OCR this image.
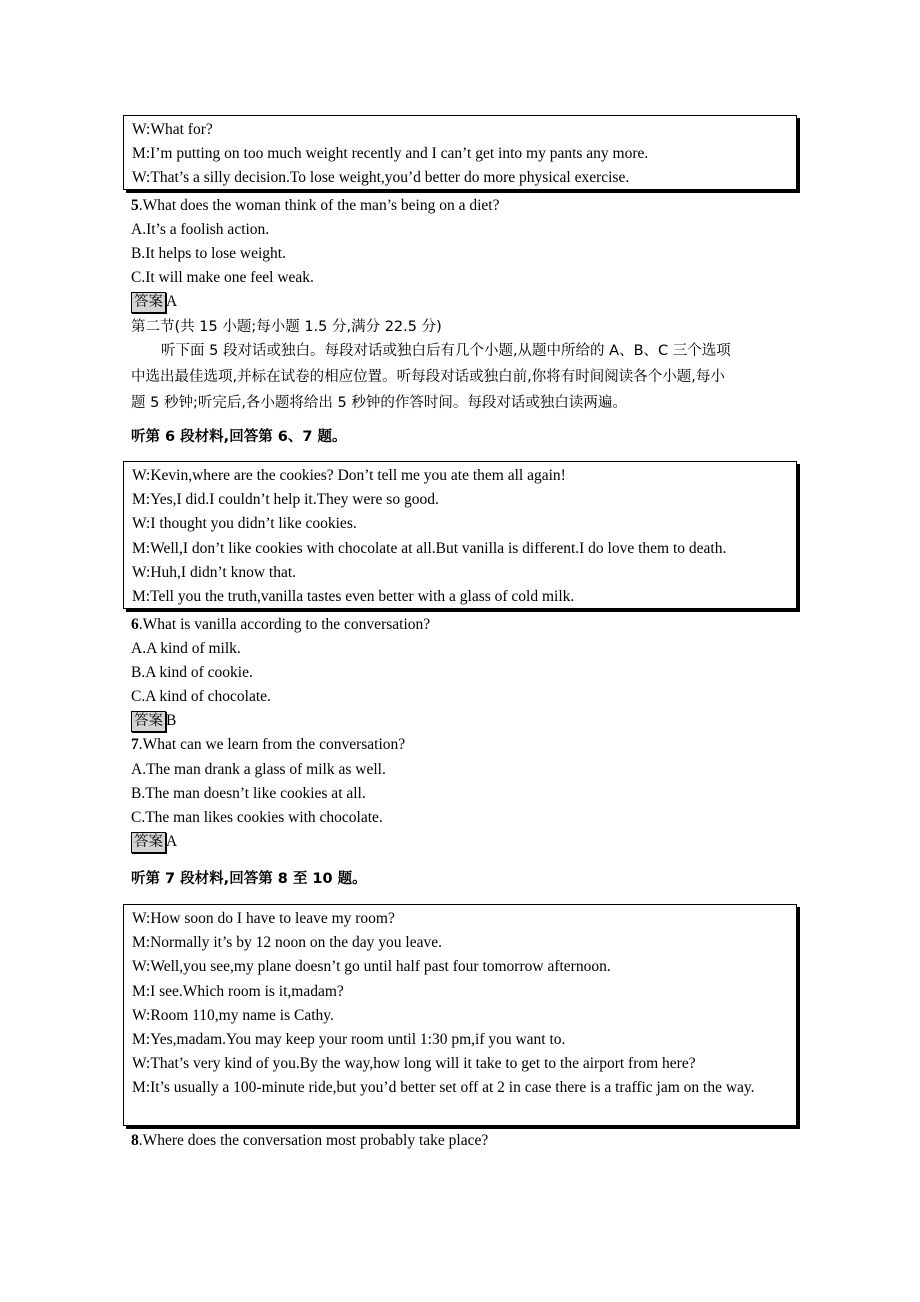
W:What for?
M:I’m putting on too much weight recently and I can’t get into my pants any more.
W:That’s a silly decision.To lose weight,you’d better do more physical exercise.
5.What does the woman think of the man’s being on a diet?
A.It’s a foolish action.
B.It helps to lose weight.
C.It will make one feel weak.
答案 A
第二节(共 15 小题;每小题 1.5 分,满分 22.5 分)
听下面 5 段对话或独白。每段对话或独白后有几个小题,从题中所给的 A、B、C 三个选项
中选出最佳选项,并标在试卷的相应位置。听每段对话或独白前,你将有时间阅读各个小题,每小
题 5 秒钟;听完后,各小题将给出 5 秒钟的作答时间。每段对话或独白读两遍。
听第 6 段材料,回答第 6、7 题。
W:Kevin,where are the cookies? Don’t tell me you ate them all again!
M:Yes,I did.I couldn’t help it.They were so good.
W:I thought you didn’t like cookies.
M:Well,I don’t like cookies with chocolate at all.But vanilla is different.I do love them to death.
W:Huh,I didn’t know that.
M:Tell you the truth,vanilla tastes even better with a glass of cold milk.
6.What is vanilla according to the conversation?
A.A kind of milk.
B.A kind of cookie.
C.A kind of chocolate.
答案 B
7.What can we learn from the conversation?
A.The man drank a glass of milk as well.
B.The man doesn’t like cookies at all.
C.The man likes cookies with chocolate.
答案 A
听第 7 段材料,回答第 8 至 10 题。
W:How soon do I have to leave my room?
M:Normally it’s by 12 noon on the day you leave.
W:Well,you see,my plane doesn’t go until half past four tomorrow afternoon.
M:I see.Which room is it,madam?
W:Room 110,my name is Cathy.
M:Yes,madam.You may keep your room until 1:30 pm,if you want to.
W:That’s very kind of you.By the way,how long will it take to get to the airport from here?
M:It’s usually a 100-minute ride,but you’d better set off at 2 in case there is a traffic jam on the way.
8.Where does the conversation most probably take place?
